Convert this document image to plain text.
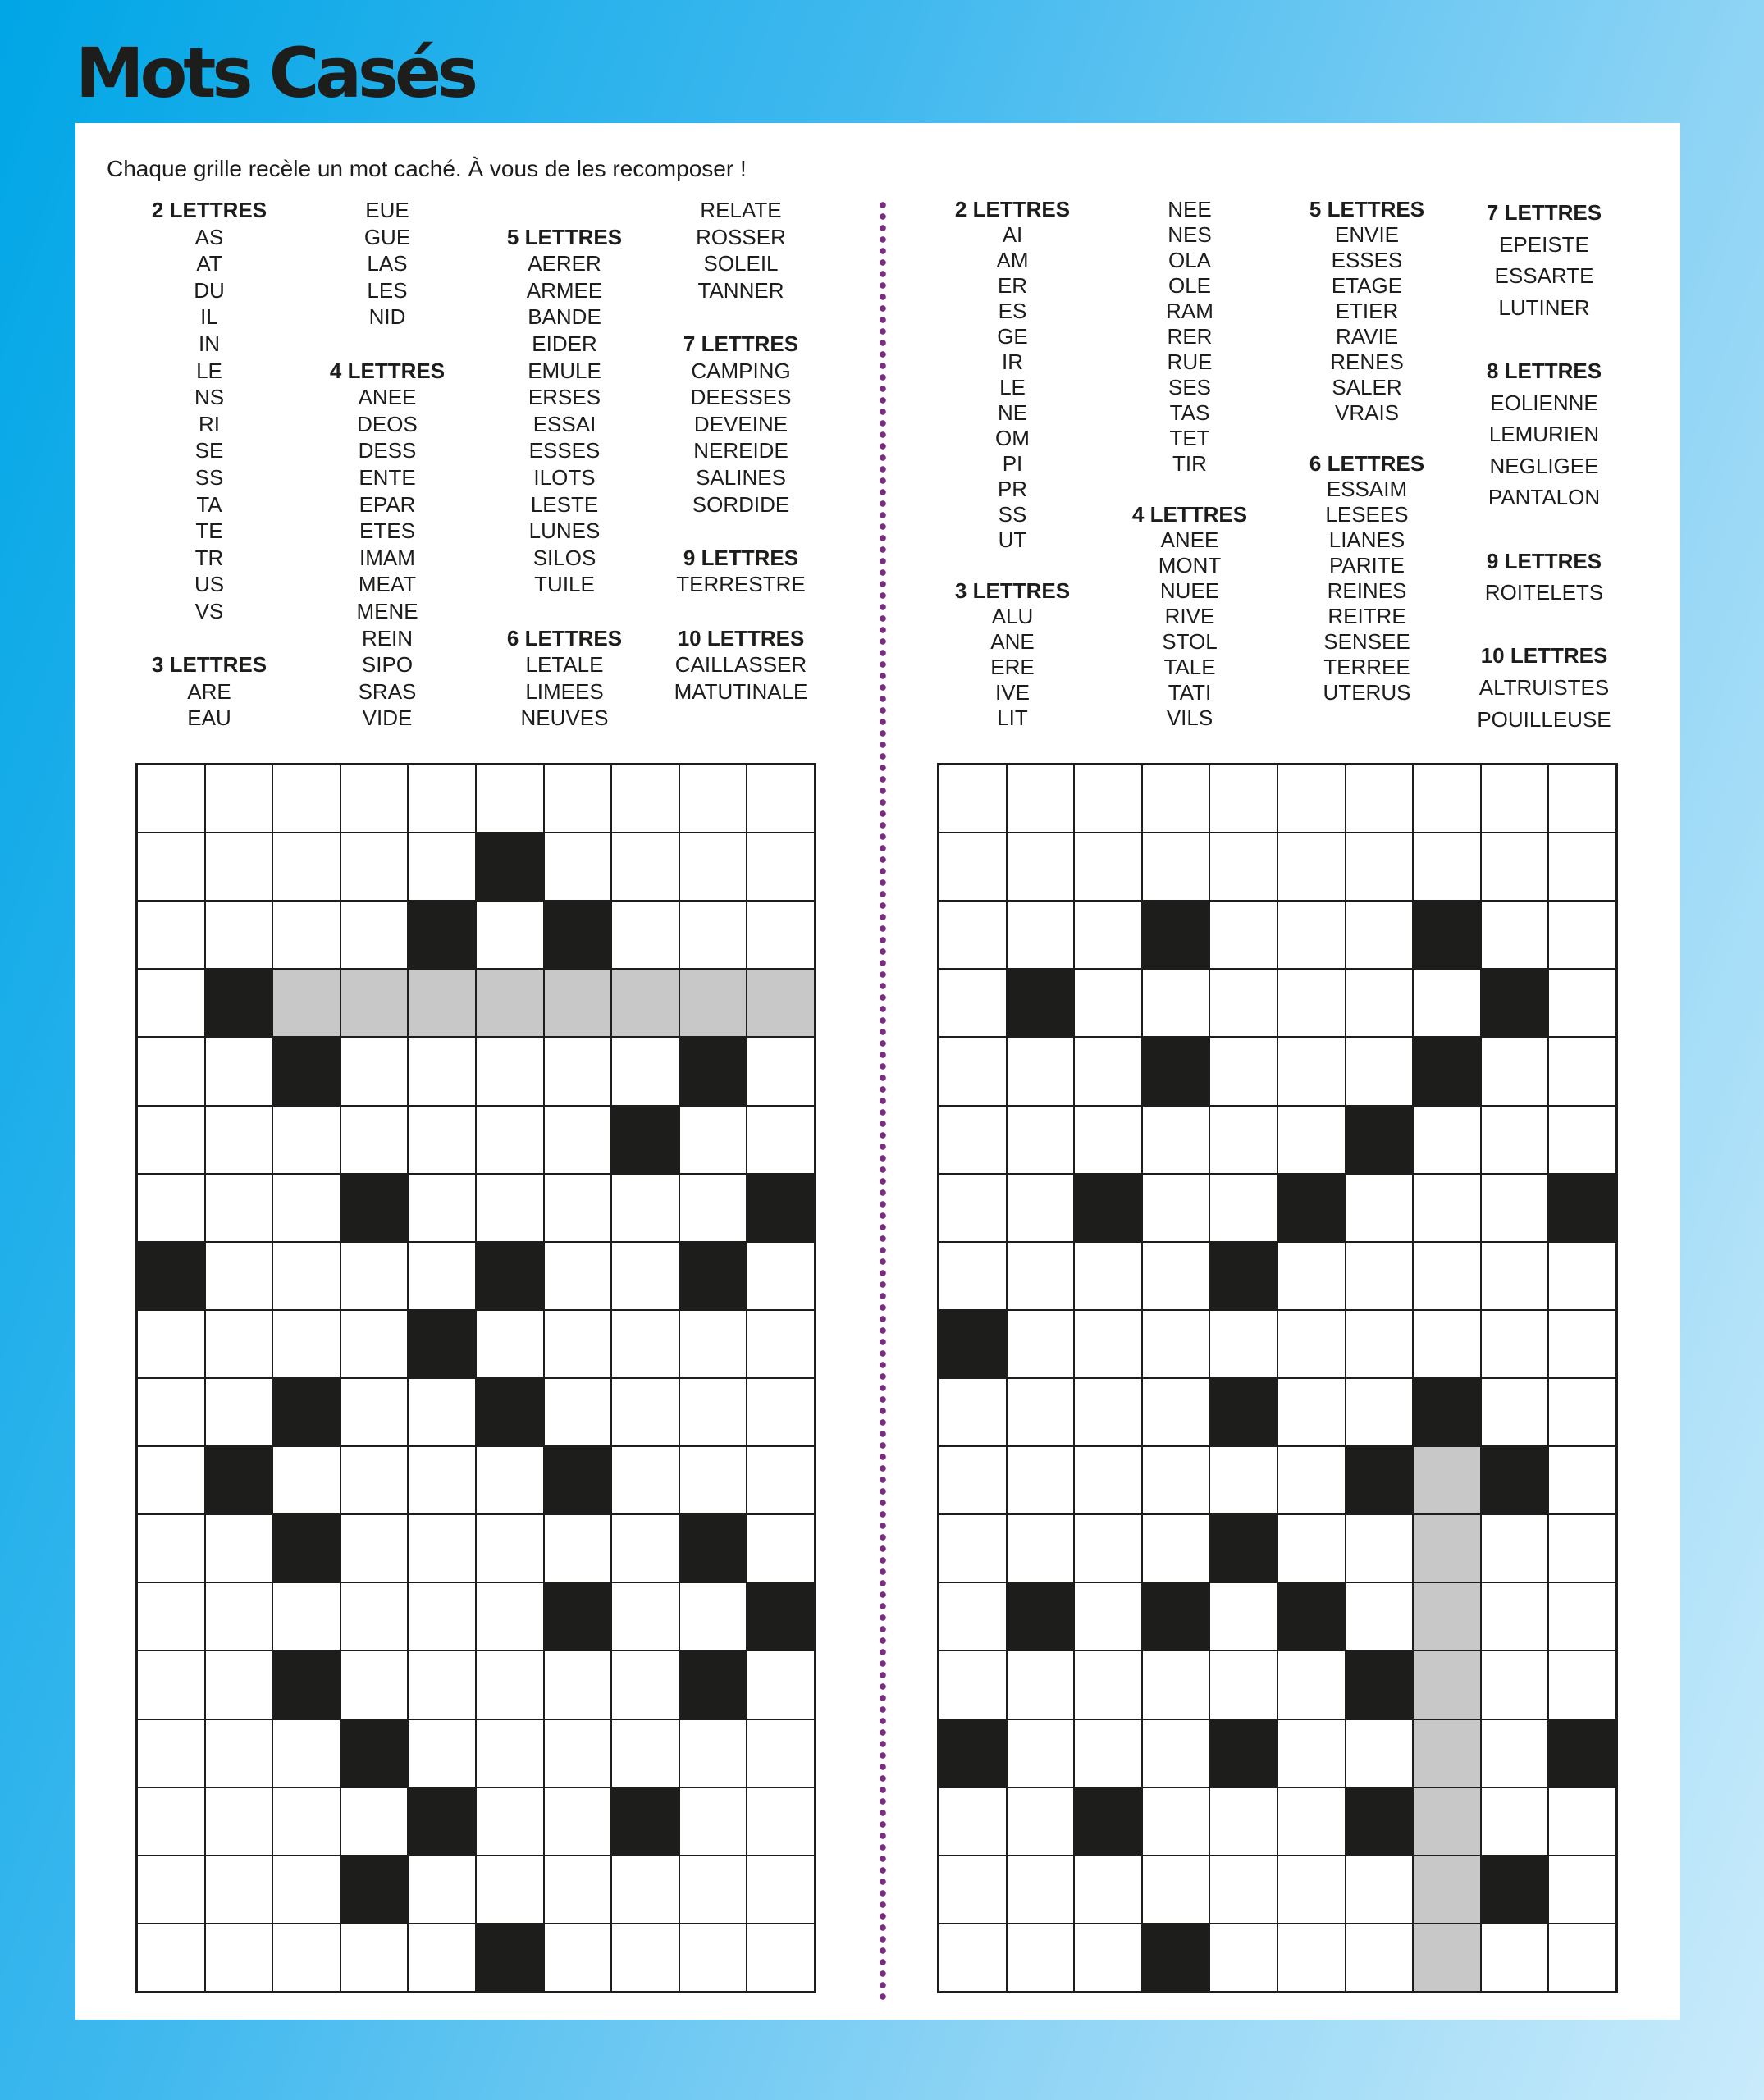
Mots Casés
Chaque grille recèle un mot caché. À vous de les recomposer !
2 LETTRES
AS
AT
DU
IL
IN
LE
NS
RI
SE
SS
TA
TE
TR
US
VS
3 LETTRES
ARE
EAU
EUE
GUE
LAS
LES
NID
4 LETTRES
ANEE
DEOS
DESS
ENTE
EPAR
ETES
IMAM
MEAT
MENE
REIN
SIPO
SRAS
VIDE
5 LETTRES
AERER
ARMEE
BANDE
EIDER
EMULE
ERSES
ESSAI
ESSES
ILOTS
LESTE
LUNES
SILOS
TUILE
6 LETTRES
LETALE
LIMEES
NEUVES
RELATE
ROSSER
SOLEIL
TANNER
7 LETTRES
CAMPING
DEESSES
DEVEINE
NEREIDE
SALINES
SORDIDE
9 LETTRES
TERRESTRE
10 LETTRES
CAILLASSER
MATUTINALE
2 LETTRES
AI
AM
ER
ES
GE
IR
LE
NE
OM
PI
PR
SS
UT
3 LETTRES
ALU
ANE
ERE
IVE
LIT
NEE
NES
OLA
OLE
RAM
RER
RUE
SES
TAS
TET
TIR
4 LETTRES
ANEE
MONT
NUEE
RIVE
STOL
TALE
TATI
VILS
5 LETTRES
ENVIE
ESSES
ETAGE
ETIER
RAVIE
RENES
SALER
VRAIS
6 LETTRES
ESSAIM
LESEES
LIANES
PARITE
REINES
REITRE
SENSEE
TERREE
UTERUS
7 LETTRES
EPEISTE
ESSARTE
LUTINER
8 LETTRES
EOLIENNE
LEMURIEN
NEGLIGEE
PANTALON
9 LETTRES
ROITELETS
10 LETTRES
ALTRUISTES
POUILLEUSE
